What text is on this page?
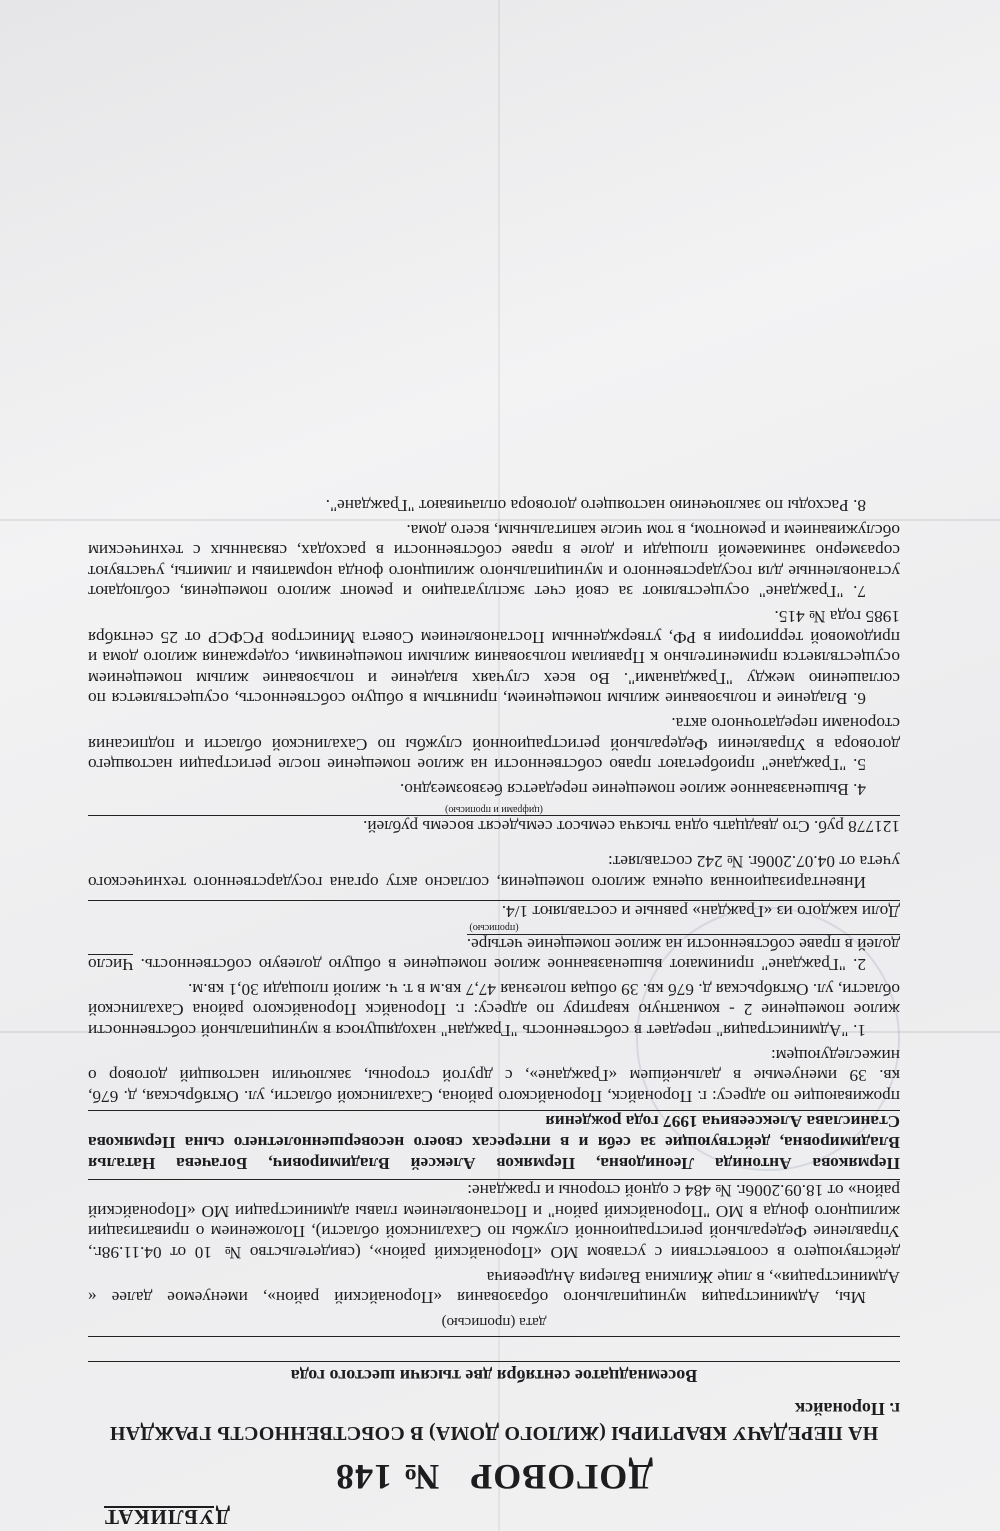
ДУБЛИКАТ
ДОГОВОР№ 148
НА ПЕРЕДАЧУ КВАРТИРЫ (ЖИЛОГО ДОМА) В СОБСТВЕННОСТЬ ГРАЖДАН
г. Поронайск
Восемнадцатое сентября две тысячи шестого года
дата (прописью)

Мы, Администрация муниципального образования «Поронайский район», именуемое далее « Администрация», в лице Жилкина Валерия Андреевича

действующего в соответствии с уставом МО «Поронайский район», (свидетельство № 10 от 04.11.98г., Управление Федеральной регистрационной службы по Сахалинской области), Положением о приватизации жилищного фонда в МО "Поронайский район" и Постановлением главы администрации МО «Поронайский район» от 18.09.2006г. № 484 с одной стороны и граждане:

Пермякова Антонида Леонидовна, Пермяков Алексей Владимирович, Богачева Наталья Владимировна, действующие за себя и в интересах своего несовершеннолетнего сына Пермякова Станислава Алексеевича 1997 года рождения

проживающие по адресу: г. Поронайск, Поронайского района, Сахалинской области, ул. Октябрьская, д. 67б, кв. 39 именуемые в дальнейшем «Граждане», с другой стороны, заключили настоящий договор о нижеследующем:

1. "Администрация" передает в собственность "Граждан" находящуюся в муниципальной собственности жилое помещение 2 - комнатную квартиру по адресу: г. Поронайск Поронайского района Сахалинской области, ул. Октябрьская д. 67б кв. 39 общая полезная 47,7 кв.м в т. ч. жилой площади 30,1 кв.м.

2. "Граждане" принимают вышеназванное жилое помещение в общую долевую собственность. Число долей в праве собственности на жилое помещение четыре.

(прописью)

Доли каждого из «Граждан» равные и составляют 1/4.

Инвентаризационная оценка жилого помещения, согласно акту органа государственного технического учета от 04.07.2006г. № 242 составляет:

121778 руб. Сто двадцать одна тысяча семьсот семьдесят восемь рублей.
(цифрами и прописью)

4. Вышеназванное жилое помещение передается безвозмездно.

5. "Граждане" приобретают право собственности на жилое помещение после регистрации настоящего договора в Управлении Федеральной регистрационной службы по Сахалинской области и подписания сторонами передаточного акта.

6. Владение и пользование жилым помещением, принятым в общую собственность, осуществляется по соглашению между "Гражданами". Во всех случаях владение и пользование жилым помещением осуществляется применительно к Правилам пользования жилыми помещениями, содержания жилого дома и придомовой территории в РФ, утвержденным Постановлением Совета Министров РСФСР от 25 сентября 1985 года № 415.

7. "Граждане" осуществляют за свой счет эксплуатацию и ремонт жилого помещения, соблюдают установленные для государственного и муниципального жилищного фонда нормативы и лимиты, участвуют соразмерно занимаемой площади и доле в праве собственности в расходах, связанных с техническим обслуживанием и ремонтом, в том числе капитальным, всего дома.

8. Расходы по заключению настоящего договора оплачивают "Граждане".
